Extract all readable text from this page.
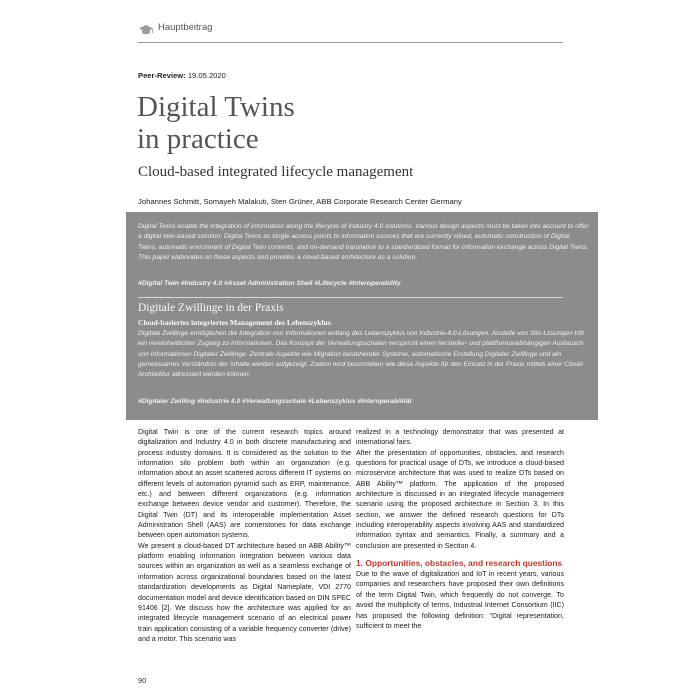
Hauptbeitrag
Peer-Review: 19.05.2020
Digital Twins
in practice
Cloud-based integrated lifecycle management
Johannes Schmitt, Somayeh Malakuti, Sten Grüner, ABB Corporate Research Center Germany
Digital Twins enable the integration of information along the lifecycle of Industry 4.0 solutions. Various design aspects must be taken into account to offer a digital twin-based solution: Digital Twins as single access points to information sources that are currently siloed, automatic construction of Digital Twins, automatic enrichment of Digital Twin contents, and on-demand translation to a standardized format for information exchange across Digital Twins. This paper elaborates on these aspects and provides a cloud-based architecture as a solution.
#Digital Twin #Industry 4.0 #Asset Administration Shell #Lifecycle #Interoperability
Digitale Zwillinge in der Praxis
Cloud-basiertes integriertes Management des Lebenszyklus
Digitale Zwillinge ermöglichen die Integration von Informationen entlang des Lebenszyklus von Industrie-4.0-Lösungen. Anstelle von Silo-Lösungen tritt ein vereinheitlichter Zugang zu Informationen. Das Konzept der Verwaltungsschalen verspricht einen hersteller- und plattformunabhängigen Austausch von Informationen Digitaler Zwillinge. Zentrale Aspekte wie Migration bestehender Systeme, automatische Erstellung Digitaler Zwillinge und ein gemeinsames Verständnis der Inhalte werden aufgezeigt. Zudem wird beschrieben wie diese Aspekte für den Einsatz in der Praxis mittels einer Cloud-Architektur adressiert werden können.
#Digitaler Zwilling #Industrie 4.0 #Verwaltungsschale #Lebenszyklus #Interoperabilität

Digital Twin is one of the current research topics around digitalization and Industry 4.0 in both discrete manufacturing and process industry domains. It is considered as the solution to the information silo problem both within an organization (e.g. information about an asset scattered across different IT systems on different levels of automation pyramid such as ERP, maintenance, etc.) and between different organizations (e.g. information exchange between device vendor and customer). Therefore, the Digital Twin (DT) and its interoperable implementation Asset Administration Shell (AAS) are cornerstones for data exchange between open automation systems.

We present a cloud-based DT architecture based on ABB Ability™ platform enabling information integration between various data sources within an organization as well as a seamless exchange of information across organizational boundaries based on the latest standardization developments as Digital Nameplate, VDI 2770 documentation model and device identification based on DIN SPEC 91406 [2]. We discuss how the architecture was applied for an integrated lifecycle management scenario of an electrical power train application consisting of a variable frequency converter (drive) and a motor. This scenario was

realized in a technology demonstrator that was presented at international fairs.

After the presentation of opportunities, obstacles, and research questions for practical usage of DTs, we introduce a cloud-based microservice architecture that was used to realize DTs based on ABB Ability™ platform. The application of the proposed architecture is discussed in an integrated lifecycle management scenario using the proposed architecture in Section 3. In this section, we answer the defined research questions for DTs including interoperability aspects involving AAS and standardized information syntax and semantics. Finally, a summary and a conclusion are presented in Section 4.

1. Opportunities, obstacles, and research questions

Due to the wave of digitalization and IoT in recent years, various companies and researchers have proposed their own definitions of the term Digital Twin, which frequently do not converge. To avoid the multiplicity of terms, Industrial Internet Consortium (IIC) has proposed the following definition: “Digital representation, sufficient to meet the

90
